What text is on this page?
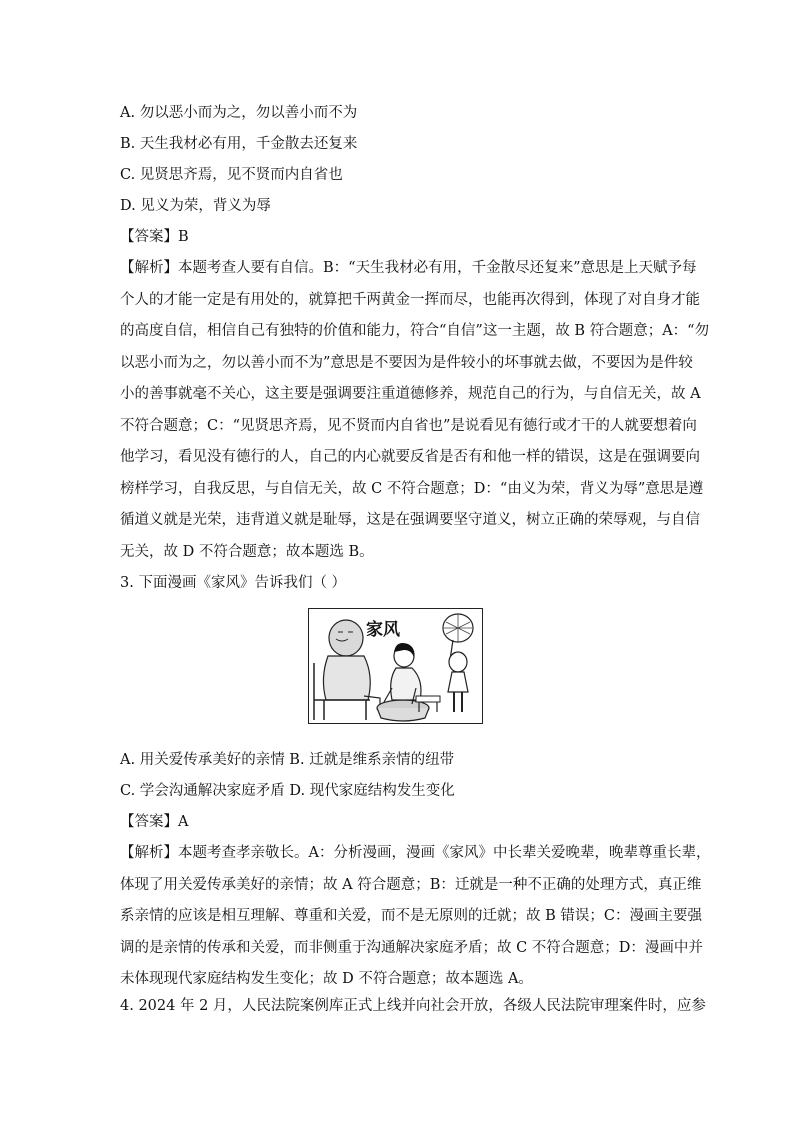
A. 勿以恶小而为之，勿以善小而不为
B. 天生我材必有用，千金散去还复来
C. 见贤思齐焉，见不贤而内自省也
D. 见义为荣，背义为辱
【答案】B
【解析】本题考查人要有自信。B：“天生我材必有用，千金散尽还复来”意思是上天赋予每
个人的才能一定是有用处的，就算把千两黄金一挥而尽，也能再次得到，体现了对自身才能
的高度自信，相信自己有独特的价值和能力，符合“自信”这一主题，故 B 符合题意；A：“勿
以恶小而为之，勿以善小而不为”意思是不要因为是件较小的坏事就去做，不要因为是件较
小的善事就毫不关心，这主要是强调要注重道德修养，规范自己的行为，与自信无关，故 A
不符合题意；C：“见贤思齐焉，见不贤而内自省也”是说看见有德行或才干的人就要想着向
他学习，看见没有德行的人，自己的内心就要反省是否有和他一样的错误，这是在强调要向
榜样学习，自我反思，与自信无关，故 C 不符合题意；D：“由义为荣，背义为辱”意思是遵
循道义就是光荣，违背道义就是耻辱，这是在强调要坚守道义，树立正确的荣辱观，与自信
无关，故 D 不符合题意；故本题选 B。
3. 下面漫画《家风》告诉我们（ ）
家风
A. 用关爱传承美好的亲情 B. 迁就是维系亲情的纽带
C. 学会沟通解决家庭矛盾 D. 现代家庭结构发生变化
【答案】A
【解析】本题考查孝亲敬长。A：分析漫画，漫画《家风》中长辈关爱晚辈，晚辈尊重长辈，
体现了用关爱传承美好的亲情；故 A 符合题意；B：迁就是一种不正确的处理方式，真正维
系亲情的应该是相互理解、尊重和关爱，而不是无原则的迁就；故 B 错误；C：漫画主要强
调的是亲情的传承和关爱，而非侧重于沟通解决家庭矛盾；故 C 不符合题意；D：漫画中并
未体现现代家庭结构发生变化；故 D 不符合题意；故本题选 A。
4. 2024 年 2 月，人民法院案例库正式上线并向社会开放，各级人民法院审理案件时，应参
